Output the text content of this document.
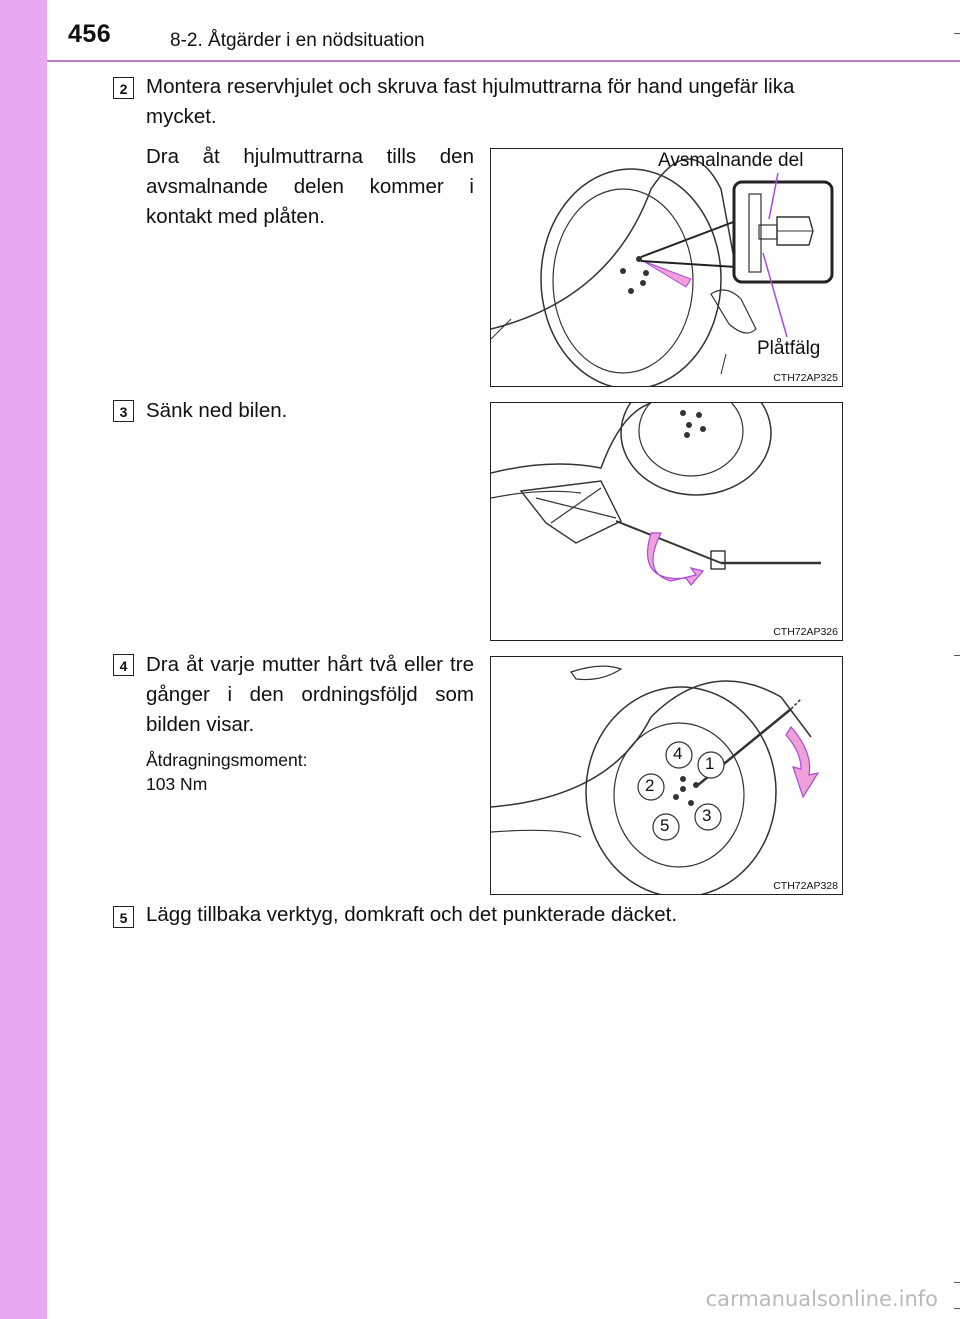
456	8-2. Åtgärder i en nödsituation
2 Montera reservhjulet och skruva fast hjulmuttrarna för hand ungefär lika mycket.
Dra åt hjulmuttrarna tills den avsmalnande delen kommer i kontakt med plåten.
Avsmalnande del
Plåtfälg
CTH72AP325
3 Sänk ned bilen.
CTH72AP326
4 Dra åt varje mutter hårt två eller tre gånger i den ordningsföljd som bilden visar.
Åtdragningsmoment:
103 Nm
4
1
2
3
5
CTH72AP328
5 Lägg tillbaka verktyg, domkraft och det punkterade däcket.
carmanualsonline.info
